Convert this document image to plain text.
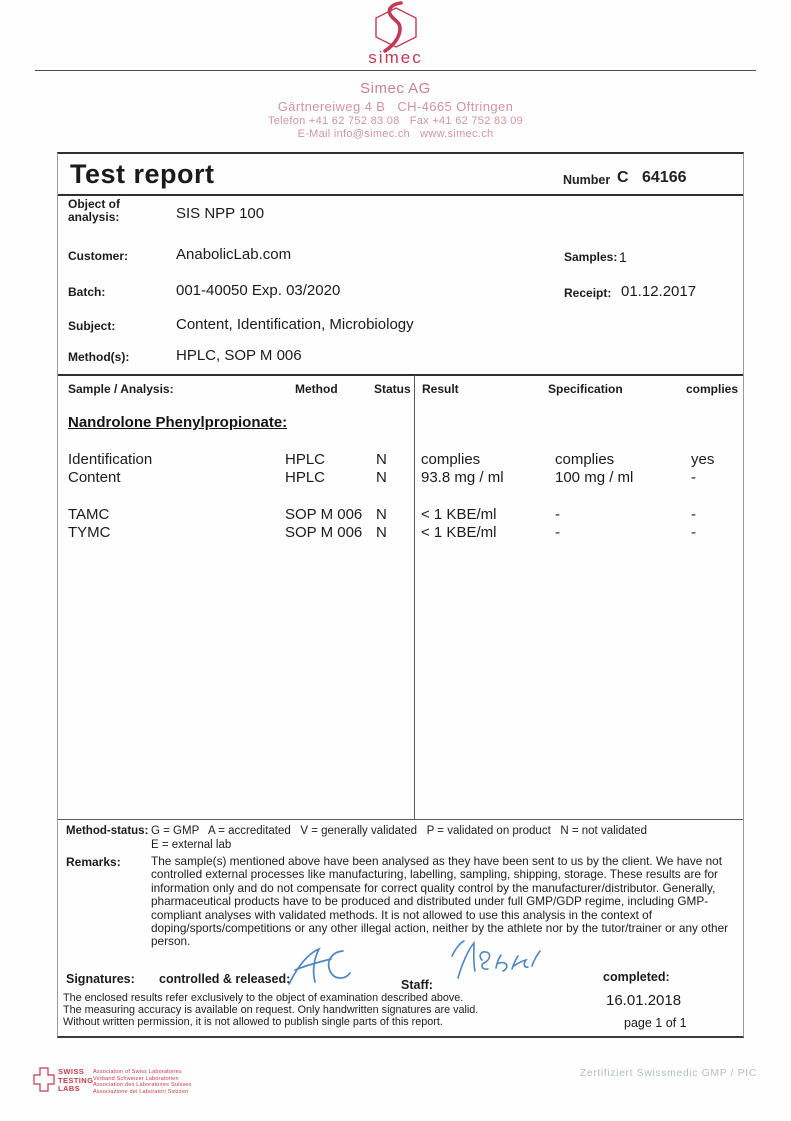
simec
Simec AG
Gärtnereiweg 4 B   CH-4665 Oftringen
Telefon +41 62 752 83 08   Fax +41 62 752 83 09
E-Mail info@simec.ch   www.simec.ch
Test report	Number C 64166
Object of analysis:	SIS NPP 100
Customer:	AnabolicLab.com	Samples: 1
Batch:	001-40050 Exp. 03/2020	Receipt: 01.12.2017
Subject:	Content, Identification, Microbiology
Method(s):	HPLC, SOP M 006
Sample / Analysis:	Method	Status Result	Specification	complies
Nandrolone Phenylpropionate:
Identification	HPLC	N complies	complies	yes
Content	HPLC	N 93.8 mg / ml	100 mg / ml	-
TAMC	SOP M 006 N < 1 KBE/ml	-	-
TYMC	SOP M 006 N < 1 KBE/ml	-	-
Method-status: G = GMP   A = accreditated   V = generally validated   P = validated on product   N = not validated
E = external lab
Remarks:	The sample(s) mentioned above have been analysed as they have been sent to us by the client. We have not controlled external processes like manufacturing, labelling, sampling, shipping, storage. These results are for information only and do not compensate for correct quality control by the manufacturer/distributor. Generally, pharmaceutical products have to be produced and distributed under full GMP/GDP regime, including GMP-compliant analyses with validated methods. It is not allowed to use this analysis in the context of doping/sports/competitions or any other illegal action, neither by the athlete nor by the tutor/trainer or any other person.
Signatures: controlled & released:	Staff:
completed:
16.01.2018
page 1 of 1
The enclosed results refer exclusively to the object of examination described above.
The measuring accuracy is available on request. Only handwritten signatures are valid.
Without written permission, it is not allowed to publish single parts of this report.
SWISS
TESTING
LABS
Association of Swiss Laboratories
Verband Schweizer Laboratorien
Association des Laboratoires Suisses
Associazione dei Laboratori Svizzeri
Zertifiziert Swissmedic GMP / PIC
